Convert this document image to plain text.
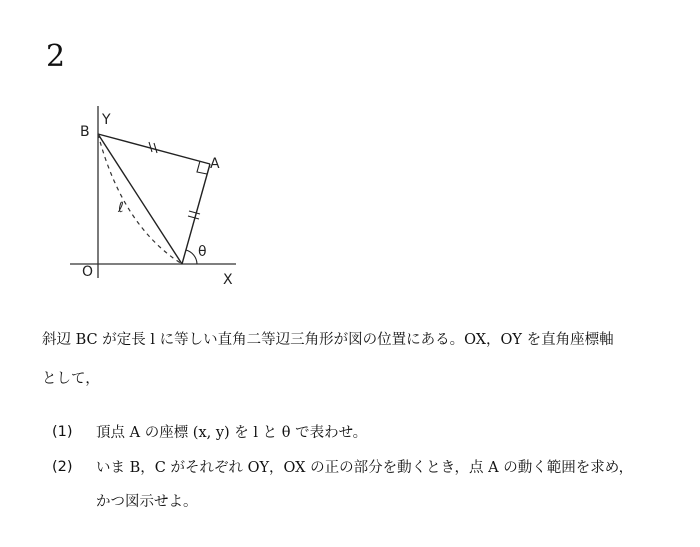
2
B
Y
A
O	X
ℓ
θ
斜辺 BC が定長 l に等しい直角二等辺三角形が図の位置にある。OX，OY を直角座標軸
として，
(1) 頂点 A の座標 (x, y) を l と θ で表わせ。
(2) いま B，C がそれぞれ OY，OX の正の部分を動くとき，点 A の動く範囲を求め，
かつ図示せよ。
